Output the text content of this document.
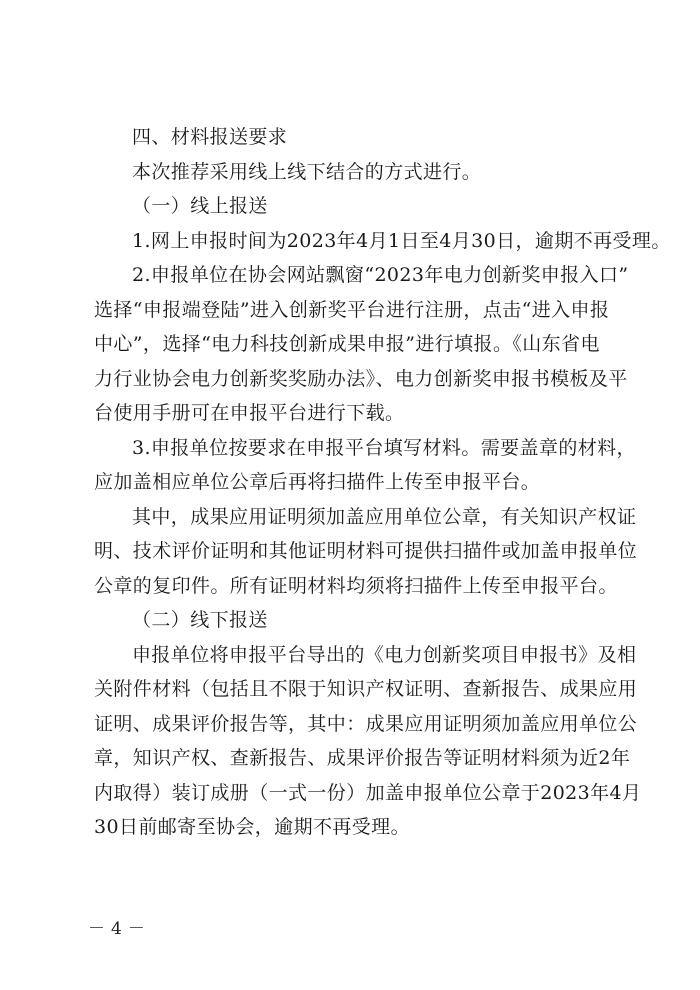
四、材料报送要求
本次推荐采用线上线下结合的方式进行。
（一）线上报送
1.网上申报时间为2023年4月1日至4月30日，逾期不再受理。
2.申报单位在协会网站飘窗“2023年电力创新奖申报入口”
选择“申报端登陆”进入创新奖平台进行注册，点击“进入申报
中心”，选择“电力科技创新成果申报”进行填报。《山东省电
力行业协会电力创新奖奖励办法》、电力创新奖申报书模板及平
台使用手册可在申报平台进行下载。
3.申报单位按要求在申报平台填写材料。需要盖章的材料，
应加盖相应单位公章后再将扫描件上传至申报平台。
其中，成果应用证明须加盖应用单位公章，有关知识产权证
明、技术评价证明和其他证明材料可提供扫描件或加盖申报单位
公章的复印件。所有证明材料均须将扫描件上传至申报平台。
（二）线下报送
申报单位将申报平台导出的《电力创新奖项目申报书》及相
关附件材料（包括且不限于知识产权证明、查新报告、成果应用
证明、成果评价报告等，其中：成果应用证明须加盖应用单位公
章，知识产权、查新报告、成果评价报告等证明材料须为近2年
内取得）装订成册（一式一份）加盖申报单位公章于2023年4月
30日前邮寄至协会，逾期不再受理。
－4－
